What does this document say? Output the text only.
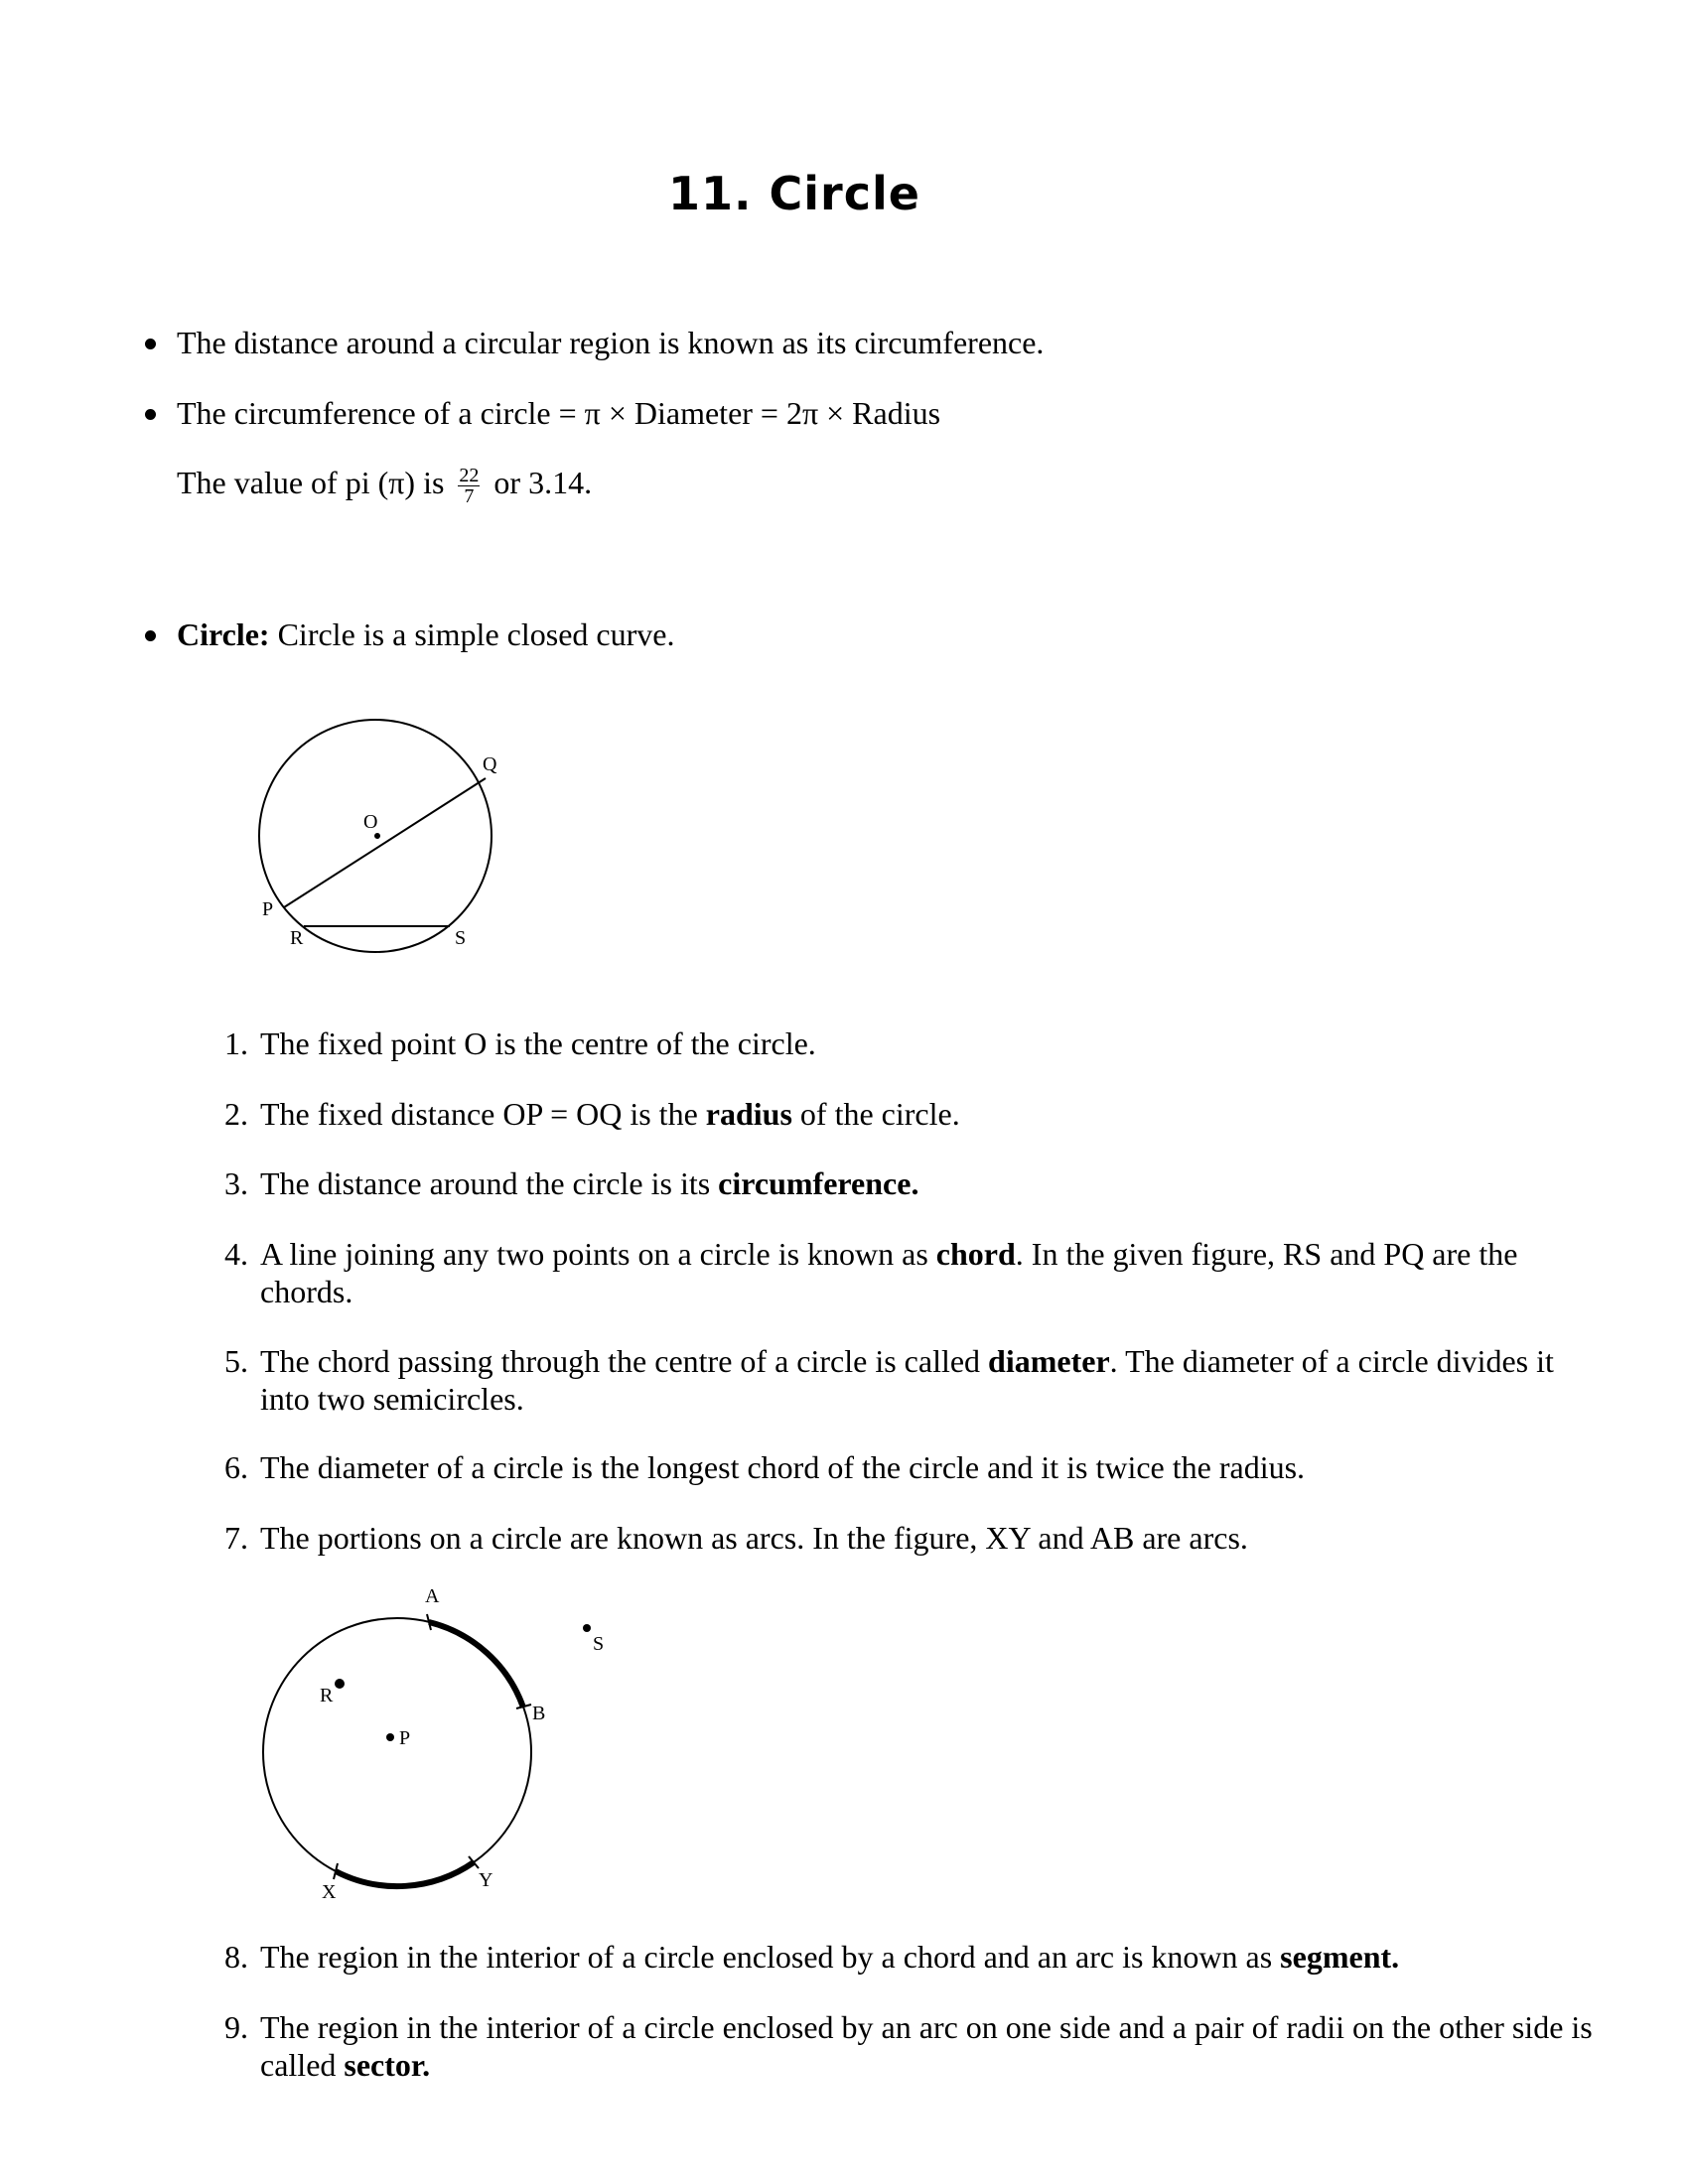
11. Circle
The distance around a circular region is known as its circumference.
The circumference of a circle = π × Diameter = 2π × Radius
The value of pi (π) is $\frac{22}{7}$ or 3.14.
Circle: Circle is a simple closed curve.
O
Q
P
R	S
1. The fixed point O is the centre of the circle.
2. The fixed distance OP = OQ is the radius of the circle.
3. The distance around the circle is its circumference.
4. A line joining any two points on a circle is known as chord. In the given figure, RS and PQ are the chords.
5. The chord passing through the centre of a circle is called diameter. The diameter of a circle divides it into two semicircles.
6. The diameter of a circle is the longest chord of the circle and it is twice the radius.
7. The portions on a circle are known as arcs. In the figure, XY and AB are arcs.
A
B
X
Y
P
R
S
8. The region in the interior of a circle enclosed by a chord and an arc is known as segment.
9. The region in the interior of a circle enclosed by an arc on one side and a pair of radii on the other side is called sector.
